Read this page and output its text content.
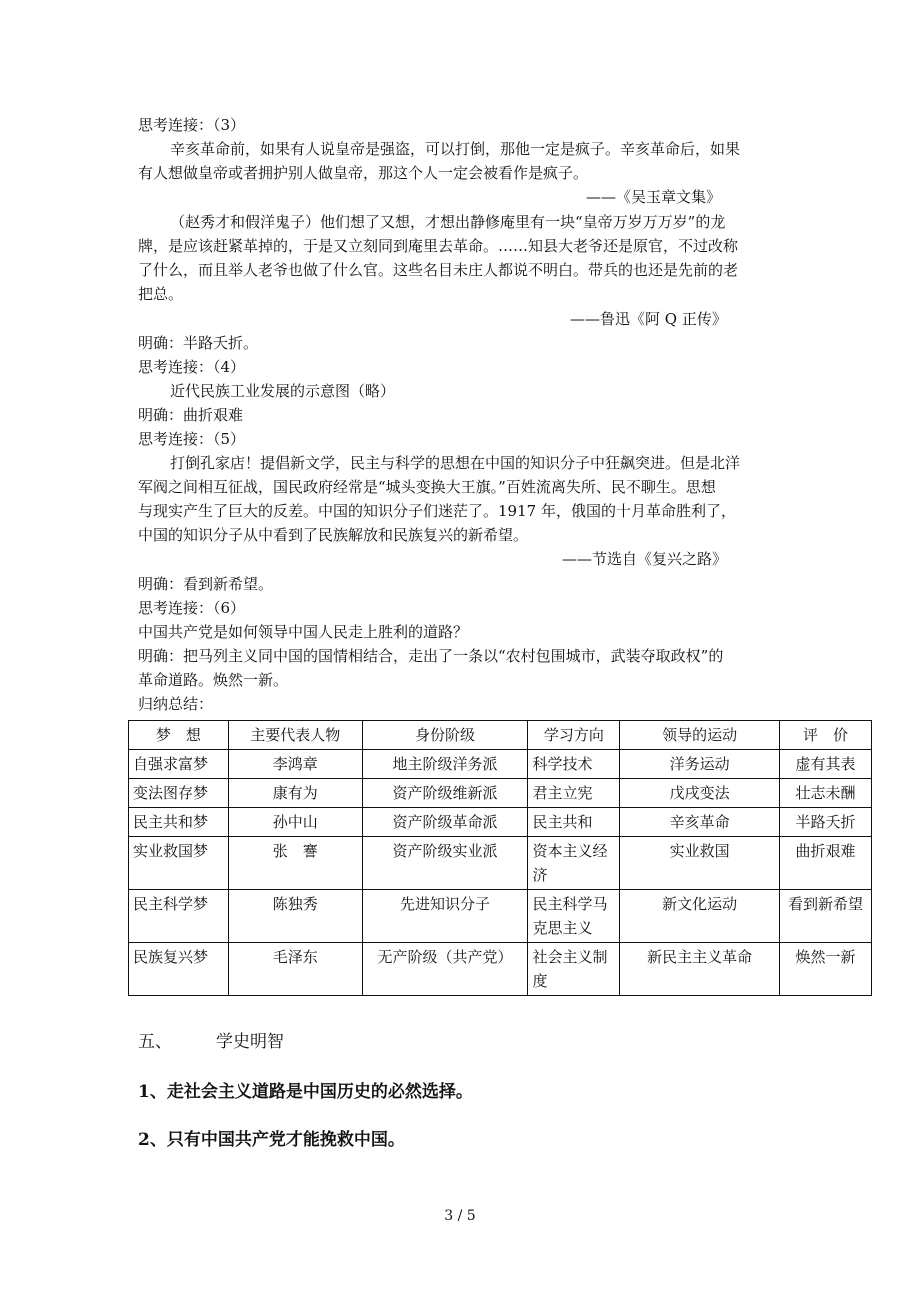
思考连接：（3）
辛亥革命前，如果有人说皇帝是强盗，可以打倒，那他一定是疯子。辛亥革命后，如果
有人想做皇帝或者拥护别人做皇帝，那这个人一定会被看作是疯子。
——《吴玉章文集》
（赵秀才和假洋鬼子）他们想了又想，才想出静修庵里有一块“皇帝万岁万万岁”的龙
牌，是应该赶紧革掉的，于是又立刻同到庵里去革命。……知县大老爷还是原官，不过改称
了什么，而且举人老爷也做了什么官。这些名目未庄人都说不明白。带兵的也还是先前的老
把总。
——鲁迅《阿 Q 正传》
明确：半路夭折。
思考连接：（4）
近代民族工业发展的示意图（略）
明确：曲折艰难
思考连接：（5）
打倒孔家店！提倡新文学，民主与科学的思想在中国的知识分子中狂飙突进。但是北洋
军阀之间相互征战，国民政府经常是“城头变换大王旗。”百姓流离失所、民不聊生。思想
与现实产生了巨大的反差。中国的知识分子们迷茫了。1917 年，俄国的十月革命胜利了，
中国的知识分子从中看到了民族解放和民族复兴的新希望。
——节选自《复兴之路》
明确：看到新希望。
思考连接：（6）
中国共产党是如何领导中国人民走上胜利的道路？
明确：把马列主义同中国的国情相结合，走出了一条以“农村包围城市，武装夺取政权”的
革命道路。焕然一新。
归纳总结：
梦　想	主要代表人物	身份阶级	学习方向	领导的运动	评　价
自强求富梦	李鸿章	地主阶级洋务派	科学技术	洋务运动	虚有其表
变法图存梦	康有为	资产阶级维新派	君主立宪	戊戌变法	壮志未酬
民主共和梦	孙中山	资产阶级革命派	民主共和	辛亥革命	半路夭折
实业救国梦	张　謇	资产阶级实业派	资本主义经济	实业救国	曲折艰难
民主科学梦	陈独秀	先进知识分子	民主科学马克思主义	新文化运动	看到新希望
民族复兴梦	毛泽东	无产阶级（共产党）	社会主义制度	新民主主义革命	焕然一新
五、	学史明智
1、走社会主义道路是中国历史的必然选择。
2、只有中国共产党才能挽救中国。
3 / 5
